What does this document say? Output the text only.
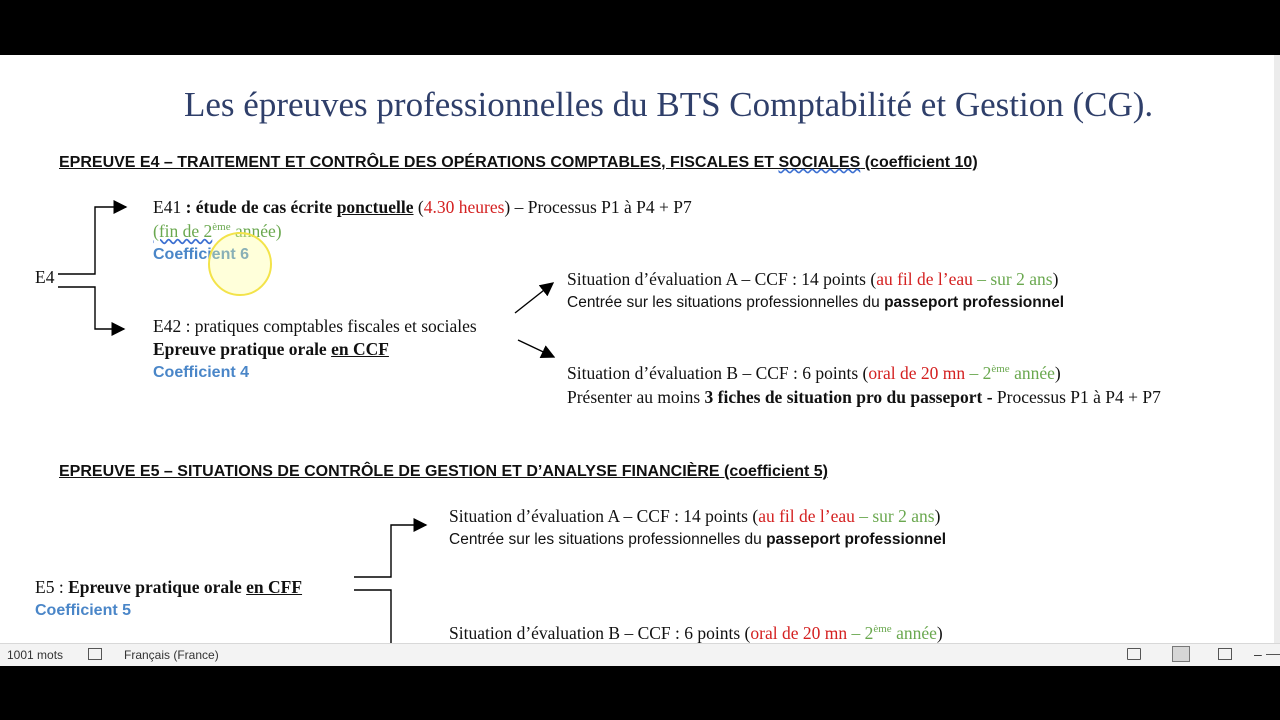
Les épreuves professionnelles du BTS Comptabilité et Gestion (CG).
EPREUVE E4 – TRAITEMENT ET CONTRÔLE DES OPÉRATIONS COMPTABLES, FISCALES ET SOCIALES (coefficient 10)
E4
E41 : étude de cas écrite ponctuelle (4.30 heures) – Processus P1 à P4 + P7
(fin de 2ème année)
Coefficient 6
E42 : pratiques comptables fiscales et sociales
Epreuve pratique orale en CCF
Coefficient 4
Situation d’évaluation A – CCF : 14 points (au fil de l’eau – sur 2 ans)
Centrée sur les situations professionnelles du passeport professionnel
Situation d’évaluation B – CCF : 6 points (oral de 20 mn – 2ème année)
Présenter au moins 3 fiches de situation pro du passeport - Processus P1 à P4 + P7
EPREUVE E5 – SITUATIONS DE CONTRÔLE DE GESTION ET D’ANALYSE FINANCIÈRE (coefficient 5)
Situation d’évaluation A – CCF : 14 points (au fil de l’eau – sur 2 ans)
Centrée sur les situations professionnelles du passeport professionnel
E5 : Epreuve pratique orale en CFF
Coefficient 5
Situation d’évaluation B – CCF : 6 points (oral de 20 mn – 2ème année)
1001 mots	Français (France)	–
